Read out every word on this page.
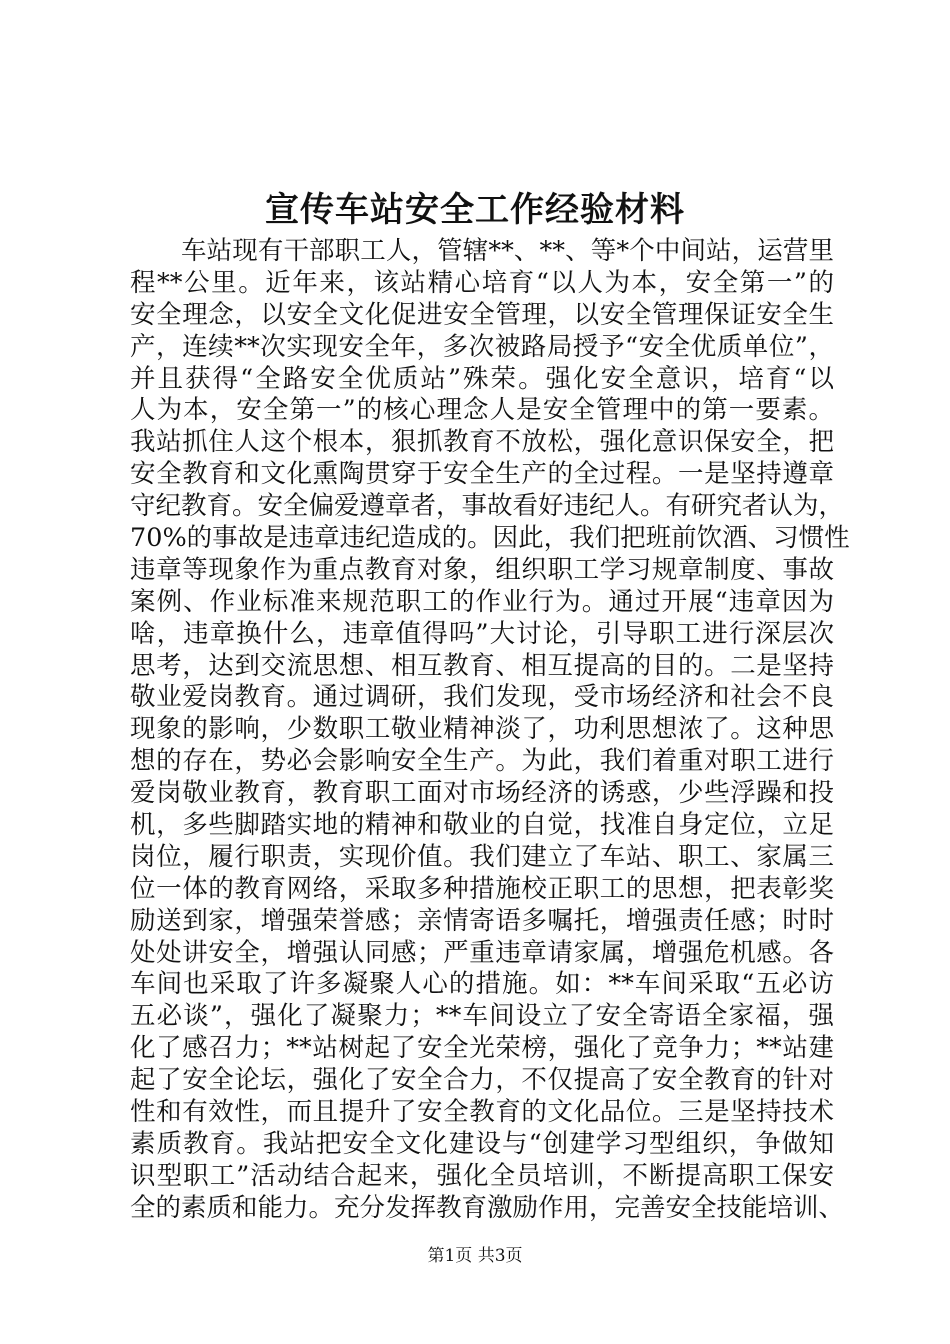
宣传车站安全工作经验材料
车站现有干部职工人，管辖**、**、等*个中间站，运营里
程**公里。近年来，该站精心培育“以人为本，安全第一”的
安全理念，以安全文化促进安全管理，以安全管理保证安全生
产，连续**次实现安全年，多次被路局授予“安全优质单位”，
并且获得“全路安全优质站”殊荣。强化安全意识，培育“以
人为本，安全第一”的核心理念人是安全管理中的第一要素。
我站抓住人这个根本，狠抓教育不放松，强化意识保安全，把
安全教育和文化熏陶贯穿于安全生产的全过程。一是坚持遵章
守纪教育。安全偏爱遵章者，事故看好违纪人。有研究者认为，
70%的事故是违章违纪造成的。因此，我们把班前饮酒、习惯性
违章等现象作为重点教育对象，组织职工学习规章制度、事故
案例、作业标准来规范职工的作业行为。通过开展“违章因为
啥，违章换什么，违章值得吗”大讨论，引导职工进行深层次
思考，达到交流思想、相互教育、相互提高的目的。二是坚持
敬业爱岗教育。通过调研，我们发现，受市场经济和社会不良
现象的影响，少数职工敬业精神淡了，功利思想浓了。这种思
想的存在，势必会影响安全生产。为此，我们着重对职工进行
爱岗敬业教育，教育职工面对市场经济的诱惑，少些浮躁和投
机，多些脚踏实地的精神和敬业的自觉，找准自身定位，立足
岗位，履行职责，实现价值。我们建立了车站、职工、家属三
位一体的教育网络，采取多种措施校正职工的思想，把表彰奖
励送到家，增强荣誉感；亲情寄语多嘱托，增强责任感；时时
处处讲安全，增强认同感；严重违章请家属，增强危机感。各
车间也采取了许多凝聚人心的措施。如：**车间采取“五必访
五必谈”，强化了凝聚力；**车间设立了安全寄语全家福，强
化了感召力；**站树起了安全光荣榜，强化了竞争力；**站建
起了安全论坛，强化了安全合力，不仅提高了安全教育的针对
性和有效性，而且提升了安全教育的文化品位。三是坚持技术
素质教育。我站把安全文化建设与“创建学习型组织，争做知
识型职工”活动结合起来，强化全员培训，不断提高职工保安
全的素质和能力。充分发挥教育激励作用，完善安全技能培训、
第1页 共3页
